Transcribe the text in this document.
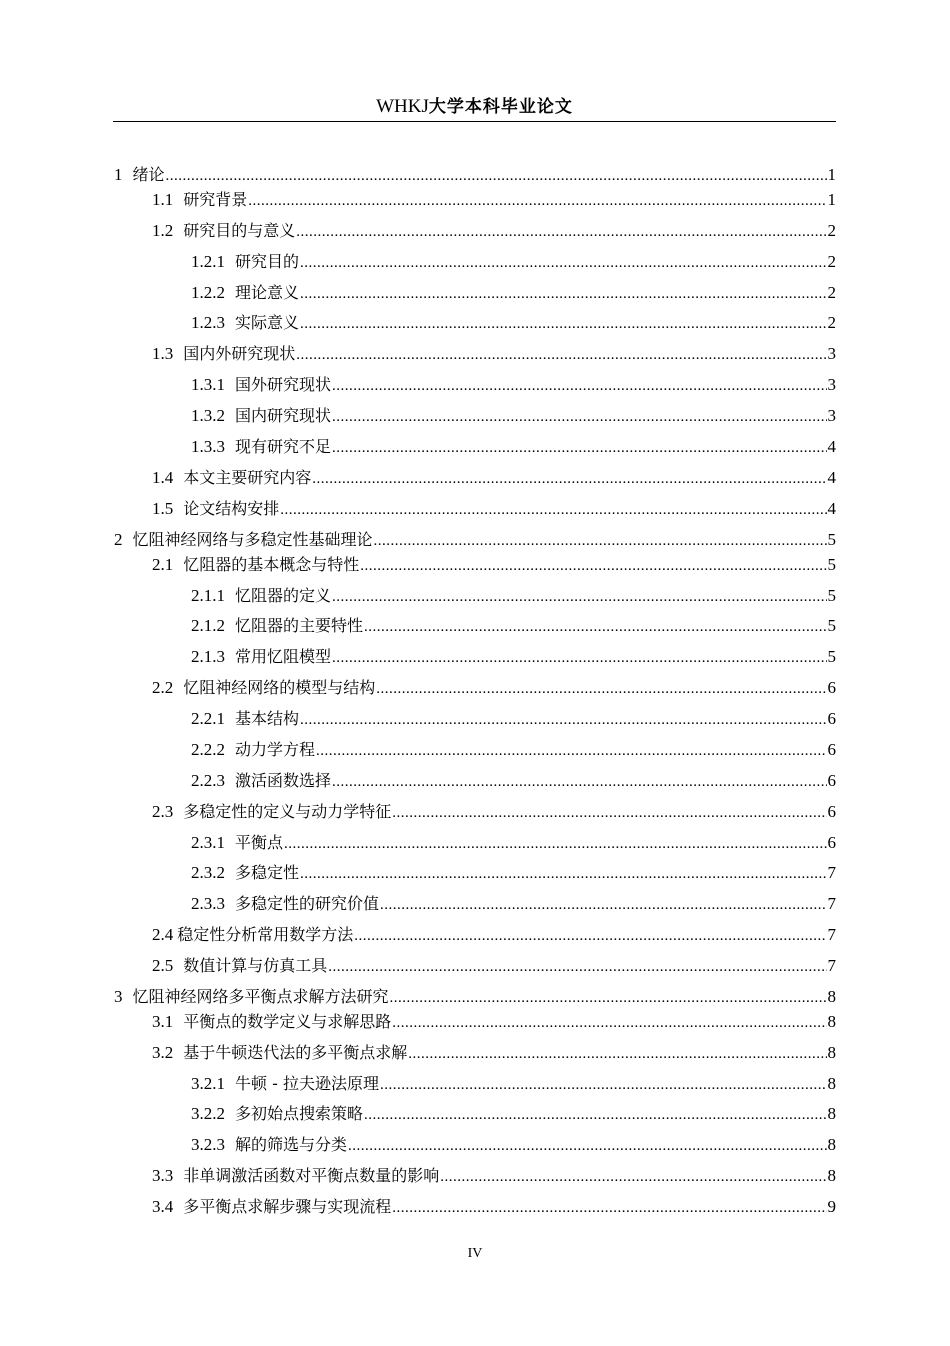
WHKJ大学本科毕业论文
1 绪论 .....	1
1.1 研究背景 .....	1
1.2 研究目的与意义 .....	2
1.2.1 研究目的 .....	2
1.2.2 理论意义 .....	2
1.2.3 实际意义 .....	2
1.3 国内外研究现状 .....	3
1.3.1 国外研究现状 .....	3
1.3.2 国内研究现状 .....	3
1.3.3 现有研究不足 .....	4
1.4 本文主要研究内容 .....	4
1.5 论文结构安排 .....	4
2 忆阻神经网络与多稳定性基础理论 .....	5
2.1 忆阻器的基本概念与特性 .....	5
2.1.1 忆阻器的定义 .....	5
2.1.2 忆阻器的主要特性 .....	5
2.1.3 常用忆阻模型 .....	5
2.2 忆阻神经网络的模型与结构 .....	6
2.2.1 基本结构 .....	6
2.2.2 动力学方程 .....	6
2.2.3 激活函数选择 .....	6
2.3 多稳定性的定义与动力学特征 .....	6
2.3.1 平衡点 .....	6
2.3.2 多稳定性 .....	7
2.3.3 多稳定性的研究价值 .....	7
2.4 稳定性分析常用数学方法 .....	7
2.5 数值计算与仿真工具 .....	7
3 忆阻神经网络多平衡点求解方法研究 .....	8
3.1 平衡点的数学定义与求解思路 .....	8
3.2 基于牛顿迭代法的多平衡点求解 .....	8
3.2.1 牛顿 - 拉夫逊法原理 .....	8
3.2.2 多初始点搜索策略 .....	8
3.2.3 解的筛选与分类 .....	8
3.3 非单调激活函数对平衡点数量的影响 .....	8
3.4 多平衡点求解步骤与实现流程 .....	9
IV
